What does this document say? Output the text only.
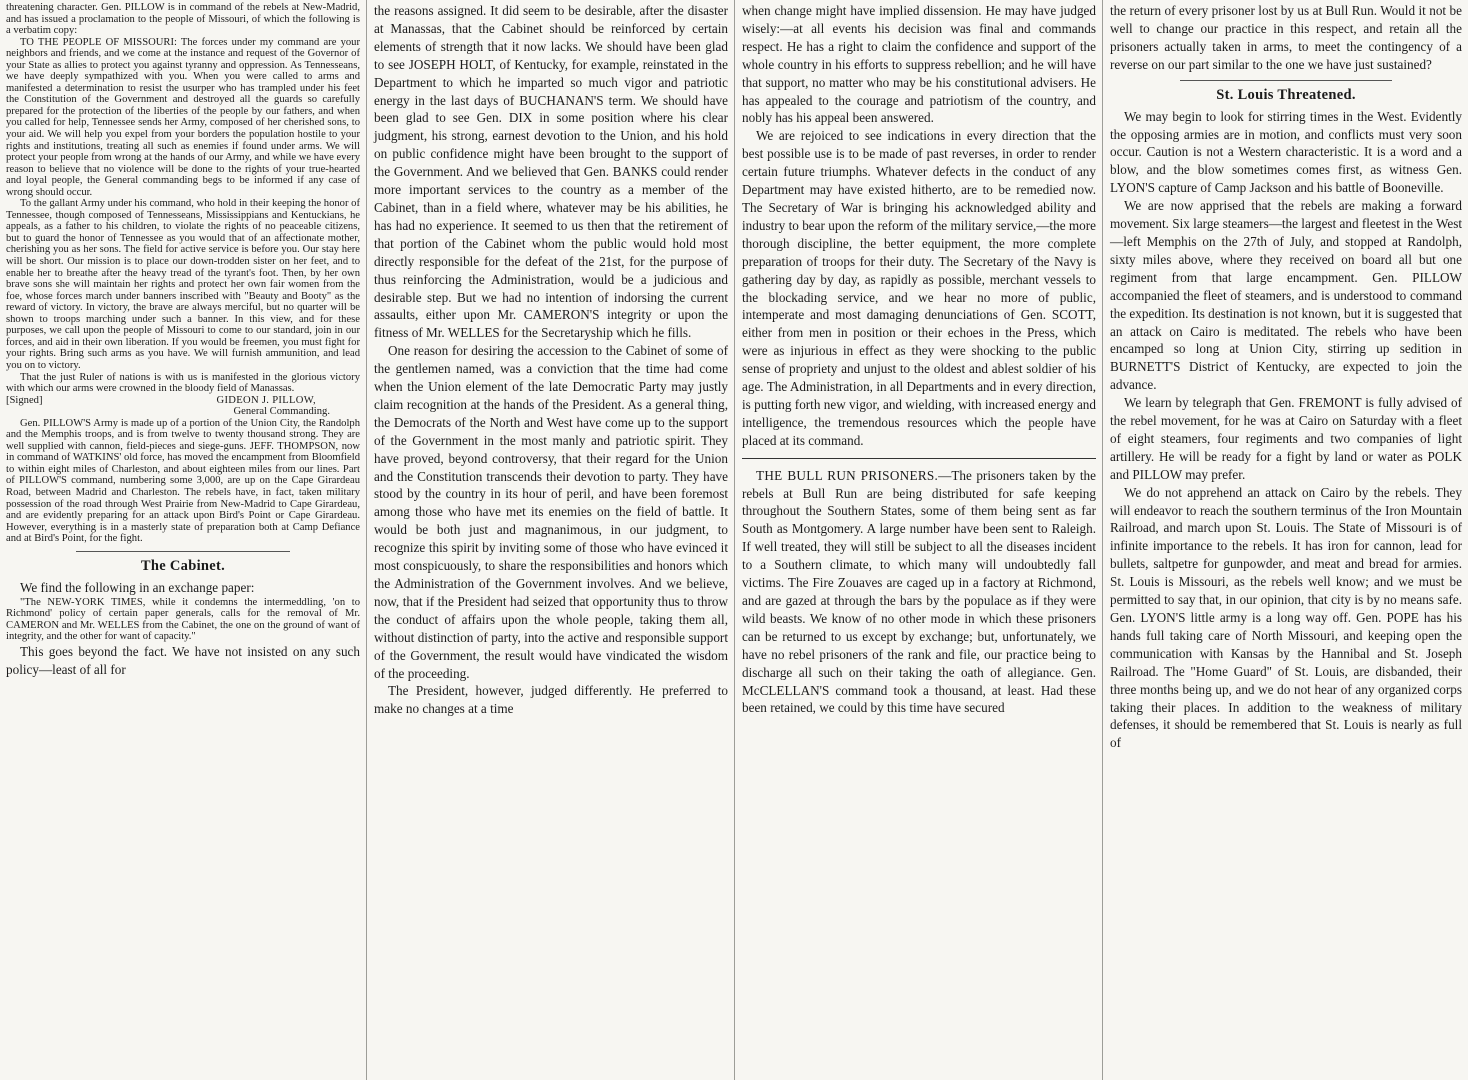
threatening character. Gen. PILLOW is in command of the rebels at New-Madrid, and has issued a proclamation to the people of Missouri, of which the following is a verbatim copy:

TO THE PEOPLE OF MISSOURI: The forces under my command are your neighbors and friends, and we come at the instance and request of the Governor of your State as allies to protect you against tyranny and oppression. As Tennesseans, we have deeply sympathized with you. When you were called to arms and manifested a determination to resist the usurper who has trampled under his feet the Constitution of the Government and destroyed all the guards so carefully prepared for the protection of the liberties of the people by our fathers, and when you called for help, Tennessee sends her Army, composed of her cherished sons, to your aid. We will help you expel from your borders the population hostile to your rights and institutions, treating all such as enemies if found under arms. We will protect your people from wrong at the hands of our Army, and while we have every reason to believe that no violence will be done to the rights of your true-hearted and loyal people, the General commanding begs to be informed if any case of wrong should occur.

To the gallant Army under his command, who hold in their keeping the honor of Tennessee, though composed of Tennesseans, Mississippians and Kentuckians, he appeals, as a father to his children, to violate the rights of no peaceable citizens, but to guard the honor of Tennessee as you would that of an affectionate mother, cherishing you as her sons. The field for active service is before you. Our stay here will be short. Our mission is to place our down-trodden sister on her feet, and to enable her to breathe after the heavy tread of the tyrant's foot. Then, by her own brave sons she will maintain her rights and protect her own fair women from the foe, whose forces march under banners inscribed with "Beauty and Booty" as the reward of victory. In victory, the brave are always merciful, but no quarter will be shown to troops marching under such a banner. In this view, and for these purposes, we call upon the people of Missouri to come to our standard, join in our forces, and aid in their own liberation. If you would be freemen, you must fight for your rights. Bring such arms as you have. We will furnish ammunition, and lead you on to victory.

That the just Ruler of nations is with us is manifested in the glorious victory with which our arms were crowned in the bloody field of Manassas.

[Signed]	GIDEON J. PILLOW,
General Commanding.

Gen. PILLOW'S Army is made up of a portion of the Union City, the Randolph and the Memphis troops, and is from twelve to twenty thousand strong. They are well supplied with cannon, field-pieces and siege-guns. JEFF. THOMPSON, now in command of WATKINS' old force, has moved the encampment from Bloomfield to within eight miles of Charleston, and about eighteen miles from our lines. Part of PILLOW'S command, numbering some 3,000, are up on the Cape Girardeau Road, between Madrid and Charleston. The rebels have, in fact, taken military possession of the road through West Prairie from New-Madrid to Cape Girardeau, and are evidently preparing for an attack upon Bird's Point or Cape Girardeau. However, everything is in a masterly state of preparation both at Camp Defiance and at Bird's Point, for the fight.

The Cabinet.

We find the following in an exchange paper:

"The NEW-YORK TIMES, while it condemns the intermeddling, 'on to Richmond' policy of certain paper generals, calls for the removal of Mr. CAMERON and Mr. WELLES from the Cabinet, the one on the ground of want of integrity, and the other for want of capacity."

This goes beyond the fact. We have not insisted on any such policy—least of all for

the reasons assigned. It did seem to be desirable, after the disaster at Manassas, that the Cabinet should be reinforced by certain elements of strength that it now lacks. We should have been glad to see JOSEPH HOLT, of Kentucky, for example, reinstated in the Department to which he imparted so much vigor and patriotic energy in the last days of BUCHANAN'S term. We should have been glad to see Gen. DIX in some position where his clear judgment, his strong, earnest devotion to the Union, and his hold on public confidence might have been brought to the support of the Government. And we believed that Gen. BANKS could render more important services to the country as a member of the Cabinet, than in a field where, whatever may be his abilities, he has had no experience. It seemed to us then that the retirement of that portion of the Cabinet whom the public would hold most directly responsible for the defeat of the 21st, for the purpose of thus reinforcing the Administration, would be a judicious and desirable step. But we had no intention of indorsing the current assaults, either upon Mr. CAMERON'S integrity or upon the fitness of Mr. WELLES for the Secretaryship which he fills.

One reason for desiring the accession to the Cabinet of some of the gentlemen named, was a conviction that the time had come when the Union element of the late Democratic Party may justly claim recognition at the hands of the President. As a general thing, the Democrats of the North and West have come up to the support of the Government in the most manly and patriotic spirit. They have proved, beyond controversy, that their regard for the Union and the Constitution transcends their devotion to party. They have stood by the country in its hour of peril, and have been foremost among those who have met its enemies on the field of battle. It would be both just and magnanimous, in our judgment, to recognize this spirit by inviting some of those who have evinced it most conspicuously, to share the responsibilities and honors which the Administration of the Government involves. And we believe, now, that if the President had seized that opportunity thus to throw the conduct of affairs upon the whole people, taking them all, without distinction of party, into the active and responsible support of the Government, the result would have vindicated the wisdom of the proceeding.

The President, however, judged differently. He preferred to make no changes at a time

when change might have implied dissension. He may have judged wisely:—at all events his decision was final and commands respect. He has a right to claim the confidence and support of the whole country in his efforts to suppress rebellion; and he will have that support, no matter who may be his constitutional advisers. He has appealed to the courage and patriotism of the country, and nobly has his appeal been answered.

We are rejoiced to see indications in every direction that the best possible use is to be made of past reverses, in order to render certain future triumphs. Whatever defects in the conduct of any Department may have existed hitherto, are to be remedied now. The Secretary of War is bringing his acknowledged ability and industry to bear upon the reform of the military service,—the more thorough discipline, the better equipment, the more complete preparation of troops for their duty. The Secretary of the Navy is gathering day by day, as rapidly as possible, merchant vessels to the blockading service, and we hear no more of public, intemperate and most damaging denunciations of Gen. SCOTT, either from men in position or their echoes in the Press, which were as injurious in effect as they were shocking to the public sense of propriety and unjust to the oldest and ablest soldier of his age. The Administration, in all Departments and in every direction, is putting forth new vigor, and wielding, with increased energy and intelligence, the tremendous resources which the people have placed at its command.

THE BULL RUN PRISONERS.—The prisoners taken by the rebels at Bull Run are being distributed for safe keeping throughout the Southern States, some of them being sent as far South as Montgomery. A large number have been sent to Raleigh. If well treated, they will still be subject to all the diseases incident to a Southern climate, to which many will undoubtedly fall victims. The Fire Zouaves are caged up in a factory at Richmond, and are gazed at through the bars by the populace as if they were wild beasts. We know of no other mode in which these prisoners can be returned to us except by exchange; but, unfortunately, we have no rebel prisoners of the rank and file, our practice being to discharge all such on their taking the oath of allegiance. Gen. McCLELLAN'S command took a thousand, at least. Had these been retained, we could by this time have secured

the return of every prisoner lost by us at Bull Run. Would it not be well to change our practice in this respect, and retain all the prisoners actually taken in arms, to meet the contingency of a reverse on our part similar to the one we have just sustained?

St. Louis Threatened.

We may begin to look for stirring times in the West. Evidently the opposing armies are in motion, and conflicts must very soon occur. Caution is not a Western characteristic. It is a word and a blow, and the blow sometimes comes first, as witness Gen. LYON'S capture of Camp Jackson and his battle of Booneville.

We are now apprised that the rebels are making a forward movement. Six large steamers—the largest and fleetest in the West—left Memphis on the 27th of July, and stopped at Randolph, sixty miles above, where they received on board all but one regiment from that large encampment. Gen. PILLOW accompanied the fleet of steamers, and is understood to command the expedition. Its destination is not known, but it is suggested that an attack on Cairo is meditated. The rebels who have been encamped so long at Union City, stirring up sedition in BURNETT'S District of Kentucky, are expected to join the advance.

We learn by telegraph that Gen. FREMONT is fully advised of the rebel movement, for he was at Cairo on Saturday with a fleet of eight steamers, four regiments and two companies of light artillery. He will be ready for a fight by land or water as POLK and PILLOW may prefer.

We do not apprehend an attack on Cairo by the rebels. They will endeavor to reach the southern terminus of the Iron Mountain Railroad, and march upon St. Louis. The State of Missouri is of infinite importance to the rebels. It has iron for cannon, lead for bullets, saltpetre for gunpowder, and meat and bread for armies. St. Louis is Missouri, as the rebels well know; and we must be permitted to say that, in our opinion, that city is by no means safe. Gen. LYON'S little army is a long way off. Gen. POPE has his hands full taking care of North Missouri, and keeping open the communication with Kansas by the Hannibal and St. Joseph Railroad. The "Home Guard" of St. Louis, are disbanded, their three months being up, and we do not hear of any organized corps taking their places. In addition to the weakness of military defenses, it should be remembered that St. Louis is nearly as full of
